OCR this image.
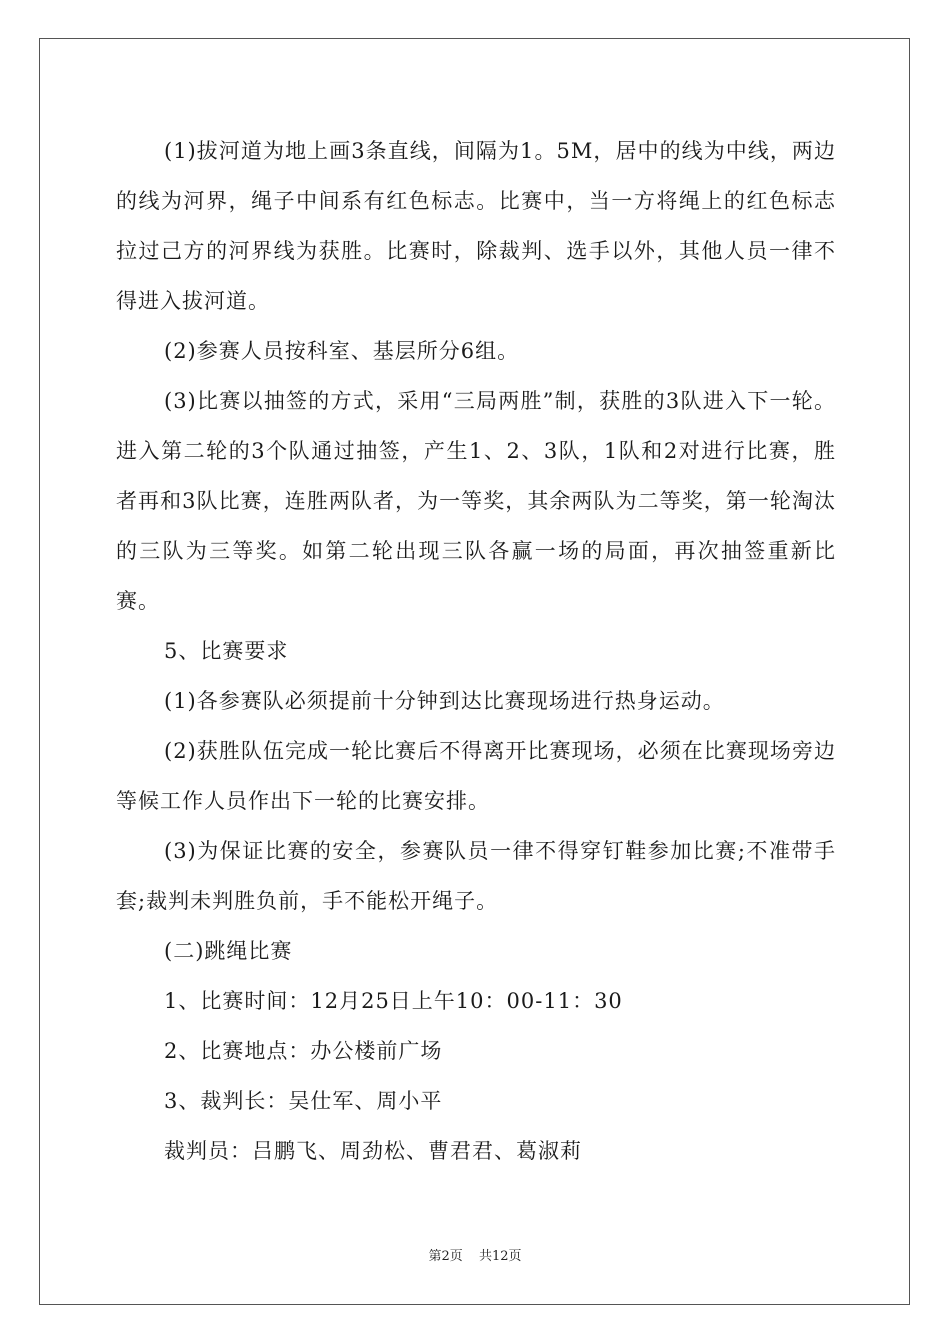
(1)拔河道为地上画3条直线，间隔为1。5M，居中的线为中线，两边的线为河界，绳子中间系有红色标志。比赛中，当一方将绳上的红色标志拉过己方的河界线为获胜。比赛时，除裁判、选手以外，其他人员一律不得进入拔河道。

(2)参赛人员按科室、基层所分6组。

(3)比赛以抽签的方式，采用“三局两胜”制，获胜的3队进入下一轮。进入第二轮的3个队通过抽签，产生1、2、3队，1队和2对进行比赛，胜者再和3队比赛，连胜两队者，为一等奖，其余两队为二等奖，第一轮淘汰的三队为三等奖。如第二轮出现三队各赢一场的局面，再次抽签重新比赛。

5、比赛要求

(1)各参赛队必须提前十分钟到达比赛现场进行热身运动。

(2)获胜队伍完成一轮比赛后不得离开比赛现场，必须在比赛现场旁边等候工作人员作出下一轮的比赛安排。

(3)为保证比赛的安全，参赛队员一律不得穿钉鞋参加比赛;不准带手套;裁判未判胜负前，手不能松开绳子。

(二)跳绳比赛

1、比赛时间：12月25日上午10：00-11：30

2、比赛地点：办公楼前广场

3、裁判长：吴仕军、周小平

裁判员：吕鹏飞、周劲松、曹君君、葛淑莉

第2页 共12页
